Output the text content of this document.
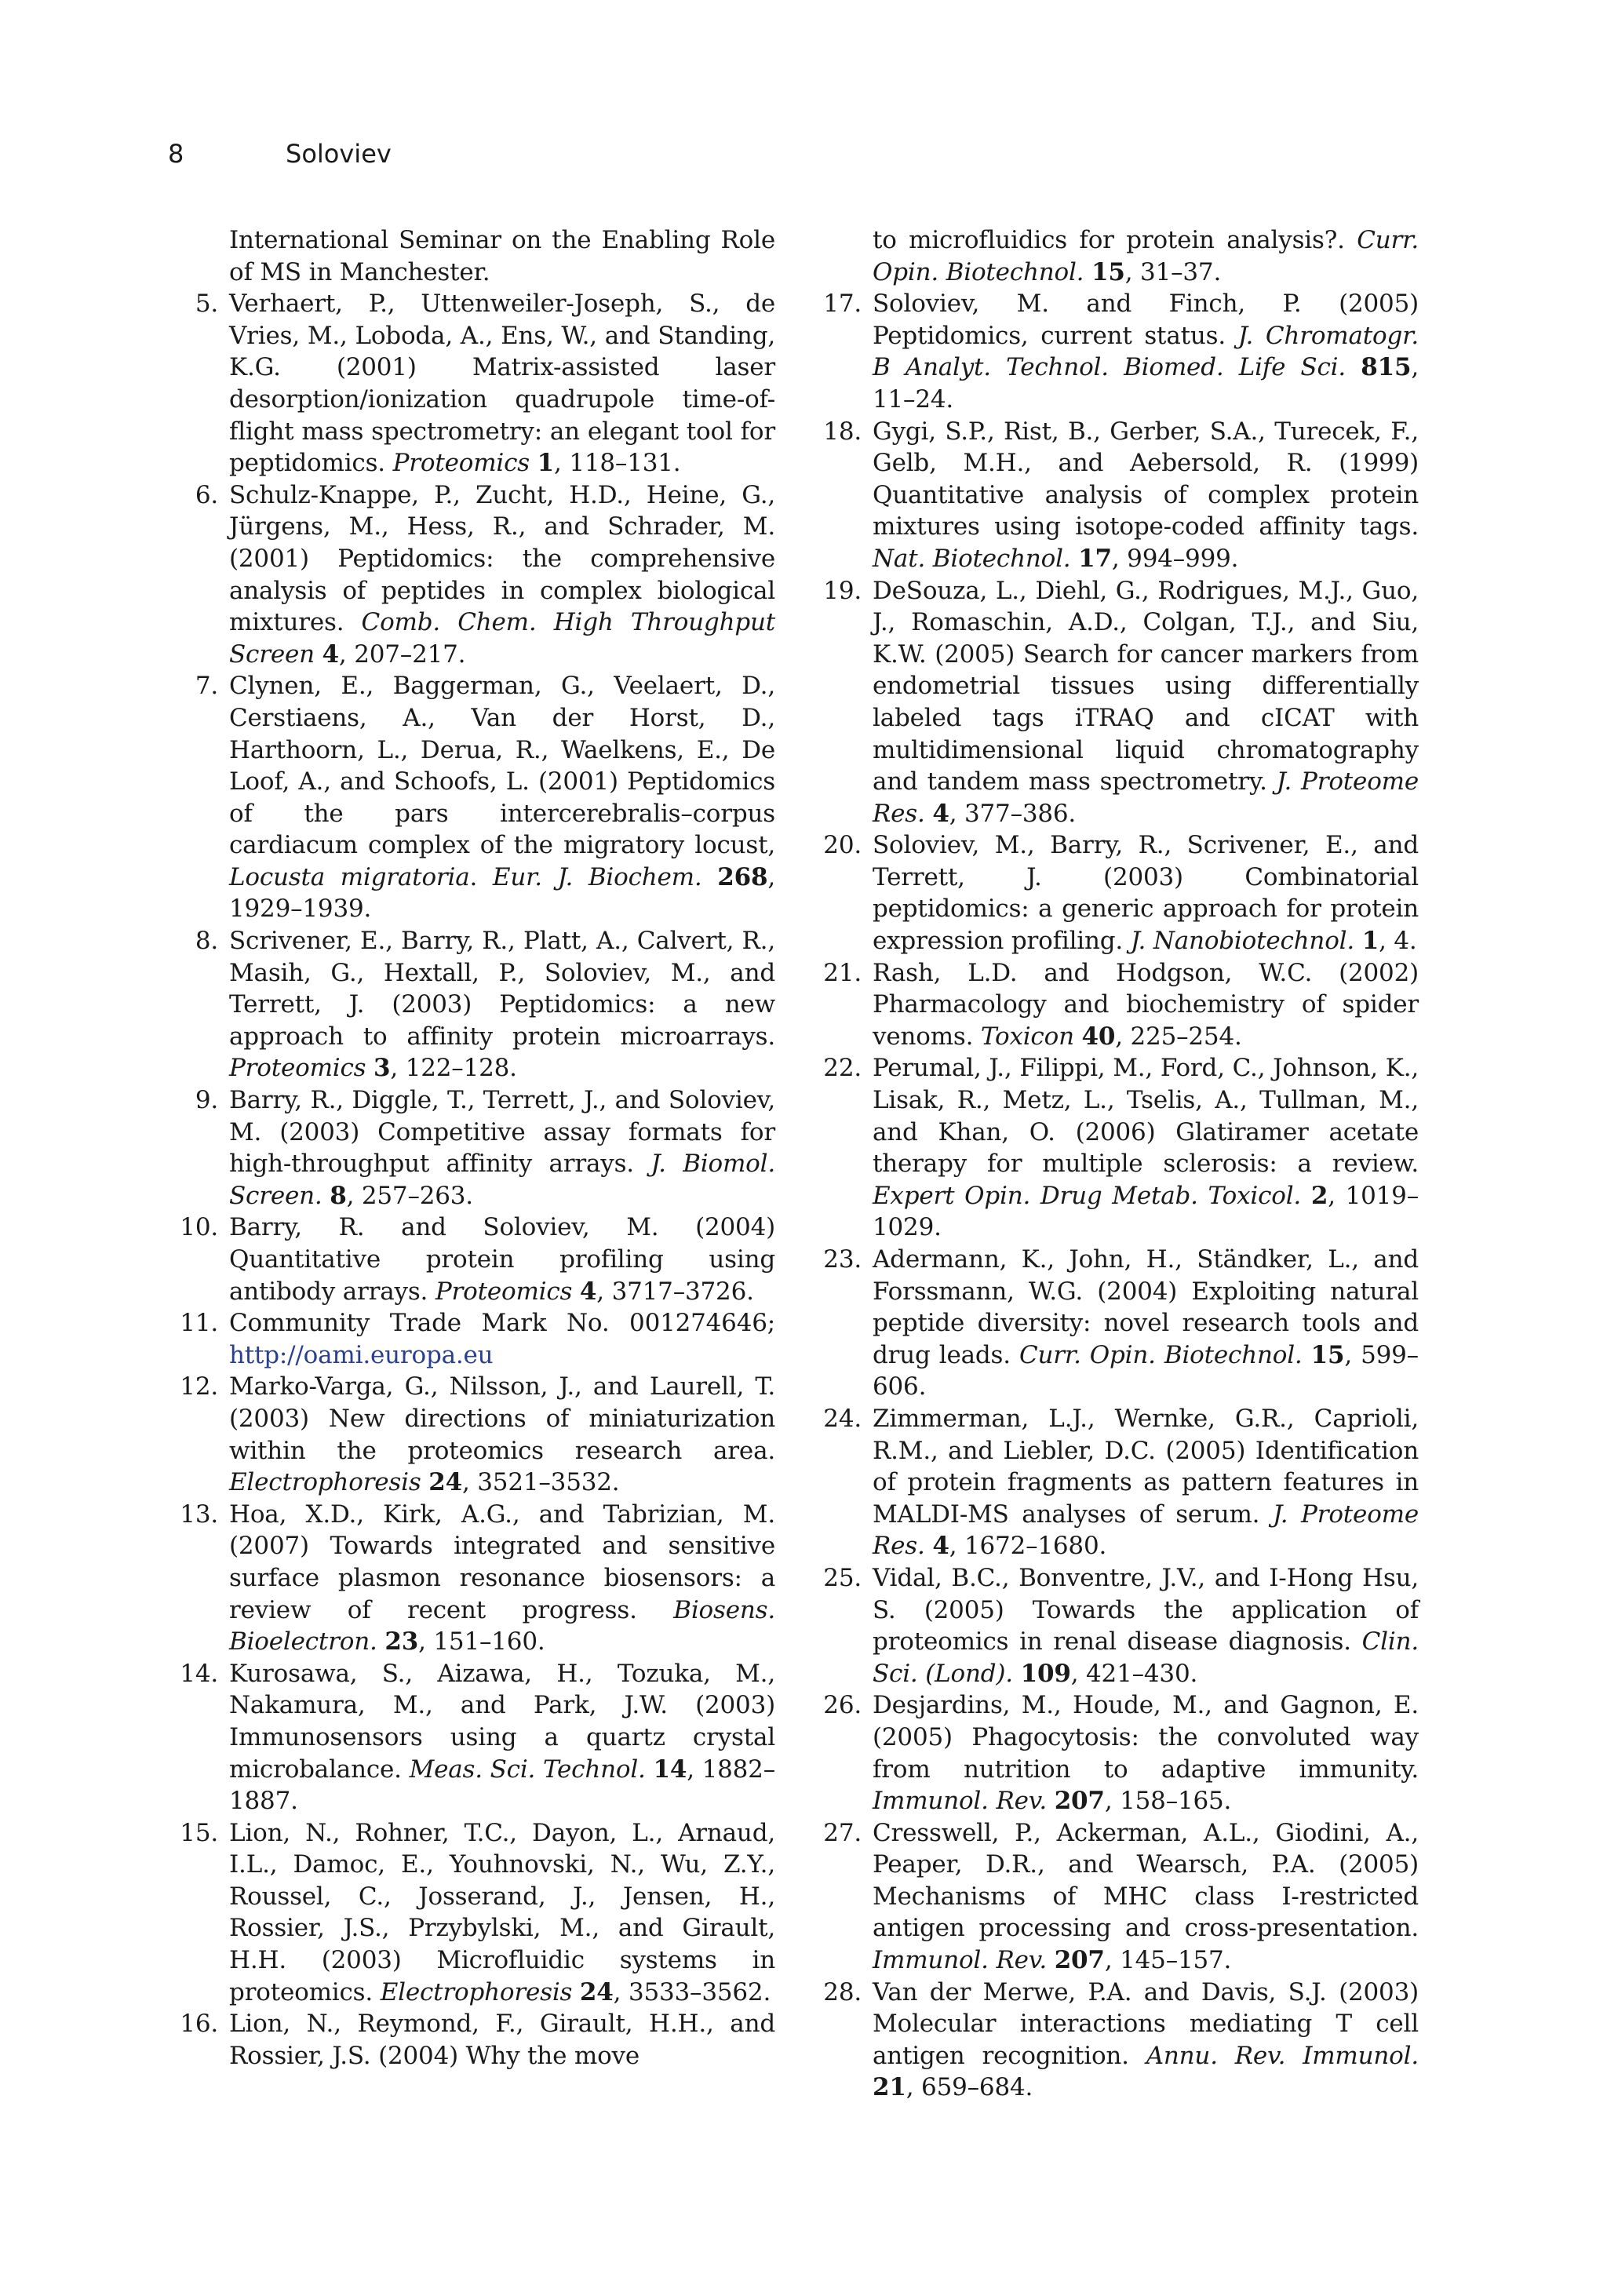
8	Soloviev
International Seminar on the Enabling Role of MS in Manchester.
5. Verhaert, P., Uttenweiler-Joseph, S., de Vries, M., Loboda, A., Ens, W., and Standing, K.G. (2001) Matrix-assisted laser desorption/ionization quadrupole time-of-flight mass spectrometry: an elegant tool for peptidomics. Proteomics 1, 118–131.
6. Schulz-Knappe, P., Zucht, H.D., Heine, G., Jürgens, M., Hess, R., and Schrader, M. (2001) Peptidomics: the comprehensive analysis of peptides in complex biological mixtures. Comb. Chem. High Throughput Screen 4, 207–217.
7. Clynen, E., Baggerman, G., Veelaert, D., Cerstiaens, A., Van der Horst, D., Harthoorn, L., Derua, R., Waelkens, E., De Loof, A., and Schoofs, L. (2001) Peptidomics of the pars intercerebralis–corpus cardiacum complex of the migratory locust, Locusta migratoria. Eur. J. Biochem. 268, 1929–1939.
8. Scrivener, E., Barry, R., Platt, A., Calvert, R., Masih, G., Hextall, P., Soloviev, M., and Terrett, J. (2003) Peptidomics: a new approach to affinity protein microarrays. Proteomics 3, 122–128.
9. Barry, R., Diggle, T., Terrett, J., and Soloviev, M. (2003) Competitive assay formats for high-throughput affinity arrays. J. Biomol. Screen. 8, 257–263.
10. Barry, R. and Soloviev, M. (2004) Quantitative protein profiling using antibody arrays. Proteomics 4, 3717–3726.
11. Community Trade Mark No. 001274646; http://oami.europa.eu
12. Marko-Varga, G., Nilsson, J., and Laurell, T. (2003) New directions of miniaturization within the proteomics research area. Electrophoresis 24, 3521–3532.
13. Hoa, X.D., Kirk, A.G., and Tabrizian, M. (2007) Towards integrated and sensitive surface plasmon resonance biosensors: a review of recent progress. Biosens. Bioelectron. 23, 151–160.
14. Kurosawa, S., Aizawa, H., Tozuka, M., Nakamura, M., and Park, J.W. (2003) Immunosensors using a quartz crystal microbalance. Meas. Sci. Technol. 14, 1882–1887.
15. Lion, N., Rohner, T.C., Dayon, L., Arnaud, I.L., Damoc, E., Youhnovski, N., Wu, Z.Y., Roussel, C., Josserand, J., Jensen, H., Rossier, J.S., Przybylski, M., and Girault, H.H. (2003) Microfluidic systems in proteomics. Electrophoresis 24, 3533–3562.
16. Lion, N., Reymond, F., Girault, H.H., and Rossier, J.S. (2004) Why the move
to microfluidics for protein analysis?. Curr. Opin. Biotechnol. 15, 31–37.
17. Soloviev, M. and Finch, P. (2005) Peptidomics, current status. J. Chromatogr. B Analyt. Technol. Biomed. Life Sci. 815, 11–24.
18. Gygi, S.P., Rist, B., Gerber, S.A., Turecek, F., Gelb, M.H., and Aebersold, R. (1999) Quantitative analysis of complex protein mixtures using isotope-coded affinity tags. Nat. Biotechnol. 17, 994–999.
19. DeSouza, L., Diehl, G., Rodrigues, M.J., Guo, J., Romaschin, A.D., Colgan, T.J., and Siu, K.W. (2005) Search for cancer markers from endometrial tissues using differentially labeled tags iTRAQ and cICAT with multidimensional liquid chromatography and tandem mass spectrometry. J. Proteome Res. 4, 377–386.
20. Soloviev, M., Barry, R., Scrivener, E., and Terrett, J. (2003) Combinatorial peptidomics: a generic approach for protein expression profiling. J. Nanobiotechnol. 1, 4.
21. Rash, L.D. and Hodgson, W.C. (2002) Pharmacology and biochemistry of spider venoms. Toxicon 40, 225–254.
22. Perumal, J., Filippi, M., Ford, C., Johnson, K., Lisak, R., Metz, L., Tselis, A., Tullman, M., and Khan, O. (2006) Glatiramer acetate therapy for multiple sclerosis: a review. Expert Opin. Drug Metab. Toxicol. 2, 1019–1029.
23. Adermann, K., John, H., Ständker, L., and Forssmann, W.G. (2004) Exploiting natural peptide diversity: novel research tools and drug leads. Curr. Opin. Biotechnol. 15, 599–606.
24. Zimmerman, L.J., Wernke, G.R., Caprioli, R.M., and Liebler, D.C. (2005) Identification of protein fragments as pattern features in MALDI-MS analyses of serum. J. Proteome Res. 4, 1672–1680.
25. Vidal, B.C., Bonventre, J.V., and I-Hong Hsu, S. (2005) Towards the application of proteomics in renal disease diagnosis. Clin. Sci. (Lond). 109, 421–430.
26. Desjardins, M., Houde, M., and Gagnon, E. (2005) Phagocytosis: the convoluted way from nutrition to adaptive immunity. Immunol. Rev. 207, 158–165.
27. Cresswell, P., Ackerman, A.L., Giodini, A., Peaper, D.R., and Wearsch, P.A. (2005) Mechanisms of MHC class I-restricted antigen processing and cross-presentation. Immunol. Rev. 207, 145–157.
28. Van der Merwe, P.A. and Davis, S.J. (2003) Molecular interactions mediating T cell antigen recognition. Annu. Rev. Immunol. 21, 659–684.
